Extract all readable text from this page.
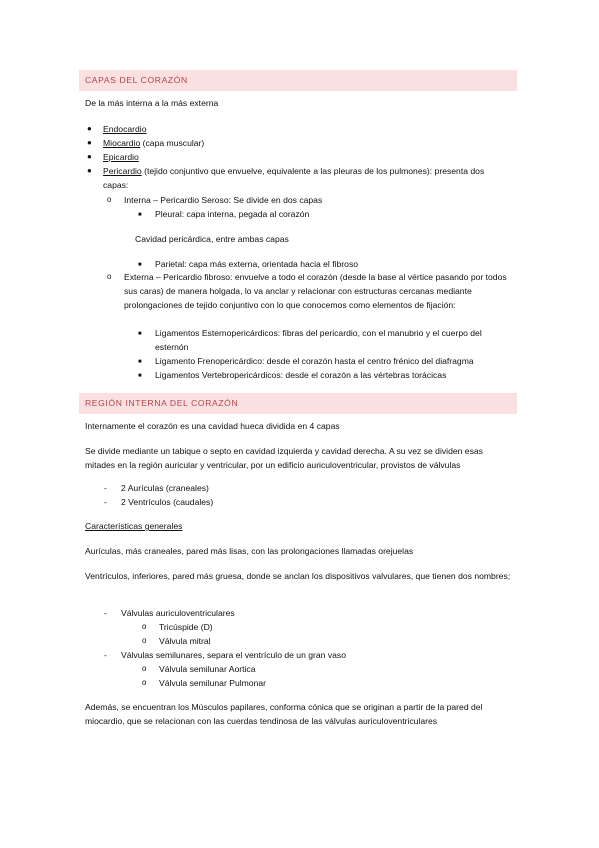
CAPAS DEL CORAZÓN
De la más interna a la más externa
● Endocardio
● Miocardio (capa muscular)
● Epicardio
● Pericardio (tejido conjuntivo que envuelve, equivalente a las pleuras de los pulmones): presenta dos capas:
o Interna – Pericardio Seroso: Se divide en dos capas
■ Pleural: capa interna, pegada al corazón
Cavidad pericárdica, entre ambas capas
■ Parietal: capa más externa, orientada hacia el fibroso
o Externa – Pericardio fibroso: envuelve a todo el corazón (desde la base al vértice pasando por todos sus caras) de manera holgada, lo va anclar y relacionar con estructuras cercanas mediante prolongaciones de tejido conjuntivo con lo que conocemos como elementos de fijación:
■ Ligamentos Esternopericárdicos: fibras del pericardio, con el manubrio y el cuerpo del esternón
■ Ligamento Frenopericárdico: desde el corazón hasta el centro frénico del diafragma
■ Ligamentos Vertebropericárdicos: desde el corazón a las vértebras torácicas
REGIÓN INTERNA DEL CORAZÓN
Internamente el corazón es una cavidad hueca dividida en 4 capas
Se divide mediante un tabique o septo en cavidad izquierda y cavidad derecha. A su vez se dividen esas mitades en la región auricular y ventricular, por un edificio auriculoventricular, provistos de válvulas
- 2 Aurículas (craneales)
- 2 Ventrículos (caudales)
Características generales
Aurículas, más craneales, pared más lisas, con las prolongaciones llamadas orejuelas
Ventrículos, inferiores, pared más gruesa, donde se anclan los dispositivos valvulares, que tienen dos nombres;
- Válvulas auriculoventriculares
o Tricúspide (D)
o Válvula mitral
- Válvulas semilunares, separa el ventrículo de un gran vaso
o Válvula semilunar Aortica
o Válvula semilunar Pulmonar
Además, se encuentran los Músculos papilares, conforma cónica que se originan a partir de la pared del miocardio, que se relacionan con las cuerdas tendinosa de las válvulas auriculoventriculares
